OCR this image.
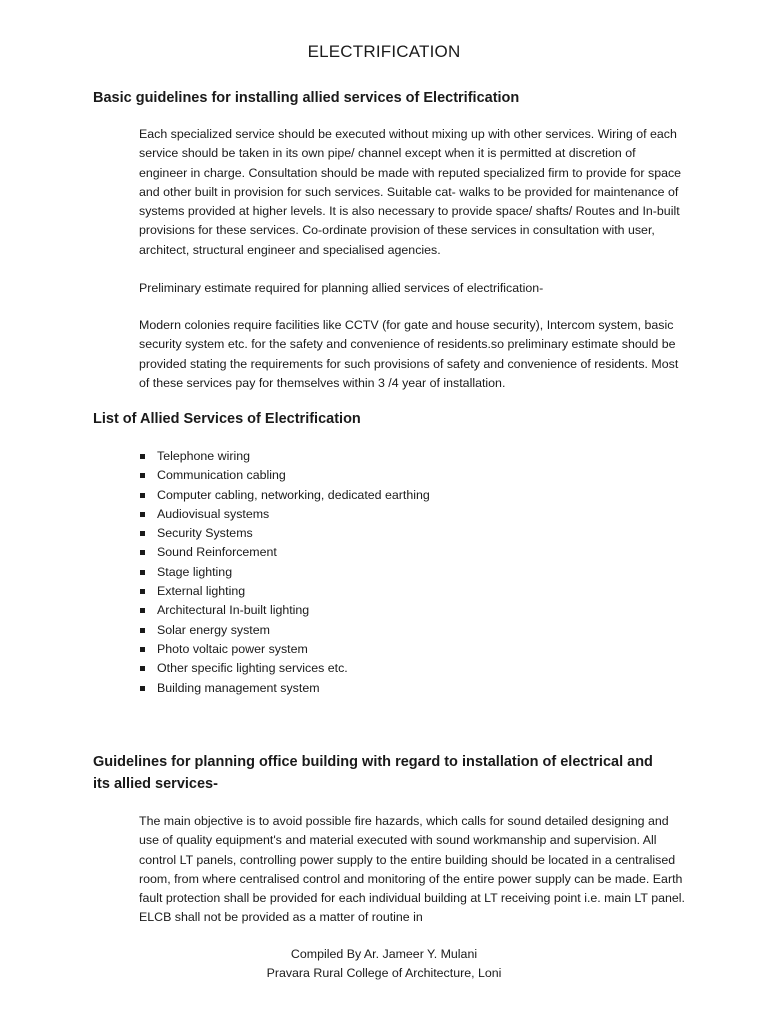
ELECTRIFICATION
Basic guidelines for installing allied services of Electrification

Each specialized service should be executed without mixing up with other services. Wiring of each service should be taken in its own pipe/ channel except when it is permitted at discretion of engineer in charge. Consultation should be made with reputed specialized firm to provide for space and other built in provision for such services. Suitable cat- walks to be provided for maintenance of systems provided at higher levels. It is also necessary to provide space/ shafts/ Routes and In-built provisions for these services. Co-ordinate provision of these services in consultation with user, architect, structural engineer and specialised agencies.

Preliminary estimate required for planning allied services of electrification-

Modern colonies require facilities like CCTV (for gate and house security), Intercom system, basic security system etc. for the safety and convenience of residents.so preliminary estimate should be provided stating the requirements for such provisions of safety and convenience of residents. Most of these services pay for themselves within 3 /4 year of installation.

List of Allied Services of Electrification
Telephone wiring
Communication cabling
Computer cabling, networking, dedicated earthing
Audiovisual systems
Security Systems
Sound Reinforcement
Stage lighting
External lighting
Architectural In-built lighting
Solar energy system
Photo voltaic power system
Other specific lighting services etc.
Building management system
Guidelines for planning office building with regard to installation of electrical and
its allied services-

The main objective is to avoid possible fire hazards, which calls for sound detailed designing and use of quality equipment's and material executed with sound workmanship and supervision. All control LT panels, controlling power supply to the entire building should be located in a centralised room, from where centralised control and monitoring of the entire power supply can be made. Earth fault protection shall be provided for each individual building at LT receiving point i.e. main LT panel. ELCB shall not be provided as a matter of routine in

Compiled By Ar. Jameer Y. Mulani
Pravara Rural College of Architecture, Loni
